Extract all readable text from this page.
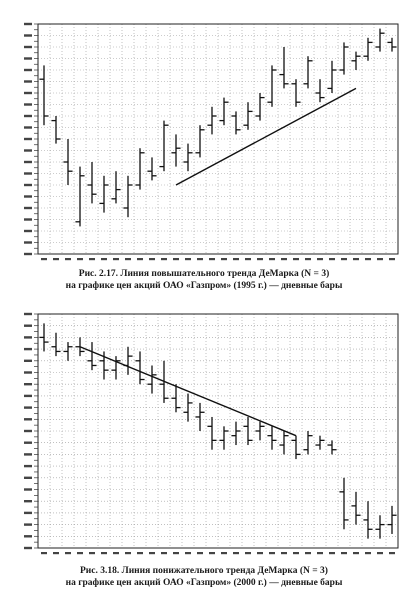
Рис. 2.17. Линия повышательного тренда ДеМарка (N = 3)
на графике цен акций ОАО «Газпром» (1995 г.) — дневные бары
Рис. 3.18. Линия понижательного тренда ДеМарка (N = 3)
на графике цен акций ОАО «Газпром» (2000 г.) — дневные бары
